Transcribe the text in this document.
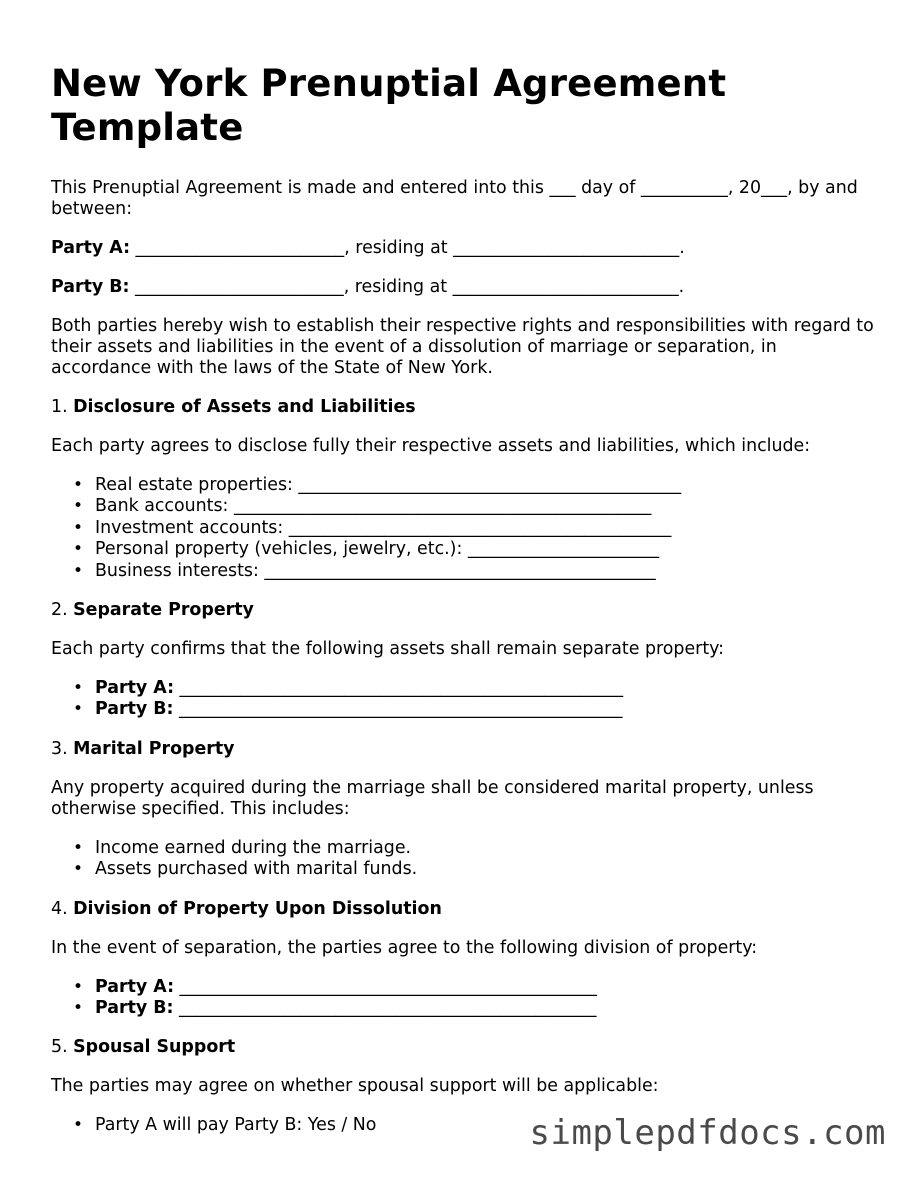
New York Prenuptial Agreement Template

This Prenuptial Agreement is made and entered into this ___ day of __________, 20___, by and between:

Party A: ________________________, residing at __________________________.

Party B: ________________________, residing at __________________________.

Both parties hereby wish to establish their respective rights and responsibilities with regard to their assets and liabilities in the event of a dissolution of marriage or separation, in accordance with the laws of the State of New York.

1. Disclosure of Assets and Liabilities

Each party agrees to disclose fully their respective assets and liabilities, which include:

• Real estate properties: ____________________________________________
• Bank accounts: ________________________________________________
• Investment accounts: ____________________________________________
• Personal property (vehicles, jewelry, etc.): ______________________
• Business interests: _____________________________________________

2. Separate Property

Each party confirms that the following assets shall remain separate property:

• Party A: ___________________________________________________
• Party B: ___________________________________________________

3. Marital Property

Any property acquired during the marriage shall be considered marital property, unless otherwise specified. This includes:

• Income earned during the marriage.
• Assets purchased with marital funds.

4. Division of Property Upon Dissolution

In the event of separation, the parties agree to the following division of property:

• Party A: ________________________________________________
• Party B: ________________________________________________

5. Spousal Support

The parties may agree on whether spousal support will be applicable:

• Party A will pay Party B: Yes / No	simplepdfdocs.com
